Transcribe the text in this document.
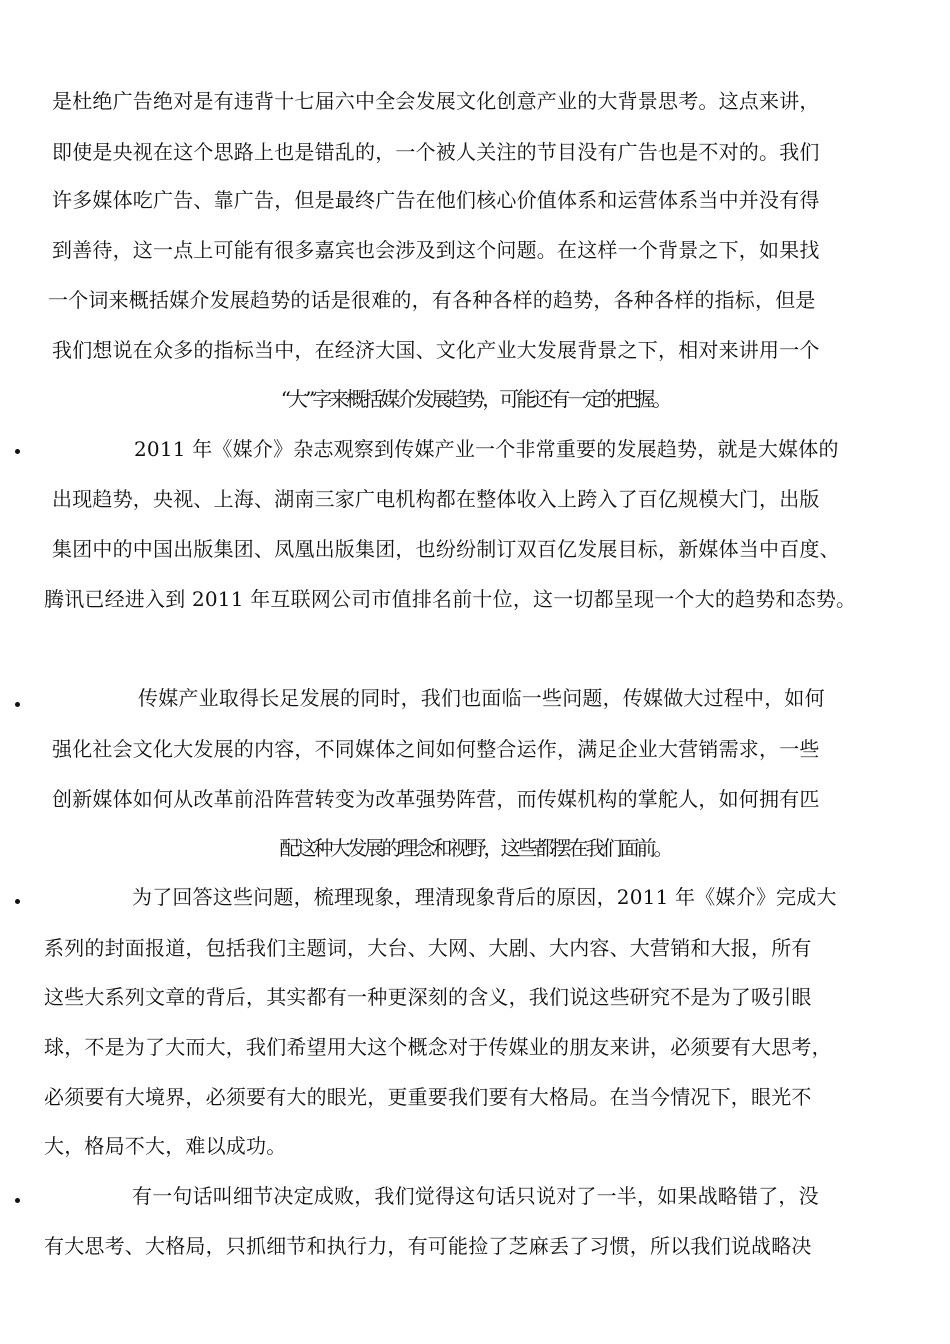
是杜绝广告绝对是有违背十七届六中全会发展文化创意产业的大背景思考。这点来讲，
即使是央视在这个思路上也是错乱的，一个被人关注的节目没有广告也是不对的。我们
许多媒体吃广告、靠广告，但是最终广告在他们核心价值体系和运营体系当中并没有得
到善待，这一点上可能有很多嘉宾也会涉及到这个问题。在这样一个背景之下，如果找
一个词来概括媒介发展趋势的话是很难的，有各种各样的趋势，各种各样的指标，但是
我们想说在众多的指标当中，在经济大国、文化产业大发展背景之下，相对来讲用一个
“大”字来概括媒介发展趋势，可能还有一定的把握。
2011 年《媒介》杂志观察到传媒产业一个非常重要的发展趋势，就是大媒体的
出现趋势，央视、上海、湖南三家广电机构都在整体收入上跨入了百亿规模大门，出版
集团中的中国出版集团、凤凰出版集团，也纷纷制订双百亿发展目标，新媒体当中百度、
腾讯已经进入到 2011 年互联网公司市值排名前十位，这一切都呈现一个大的趋势和态势。
传媒产业取得长足发展的同时，我们也面临一些问题，传媒做大过程中，如何
强化社会文化大发展的内容，不同媒体之间如何整合运作，满足企业大营销需求，一些
创新媒体如何从改革前沿阵营转变为改革强势阵营，而传媒机构的掌舵人，如何拥有匹
配这种大发展的理念和视野，这些都摆在我们面前。
为了回答这些问题，梳理现象，理清现象背后的原因，2011 年《媒介》完成大
系列的封面报道，包括我们主题词，大台、大网、大剧、大内容、大营销和大报，所有
这些大系列文章的背后，其实都有一种更深刻的含义，我们说这些研究不是为了吸引眼
球，不是为了大而大，我们希望用大这个概念对于传媒业的朋友来讲，必须要有大思考，
必须要有大境界，必须要有大的眼光，更重要我们要有大格局。在当今情况下，眼光不
大，格局不大，难以成功。
有一句话叫细节决定成败，我们觉得这句话只说对了一半，如果战略错了，没
有大思考、大格局，只抓细节和执行力，有可能捡了芝麻丢了习惯，所以我们说战略决
